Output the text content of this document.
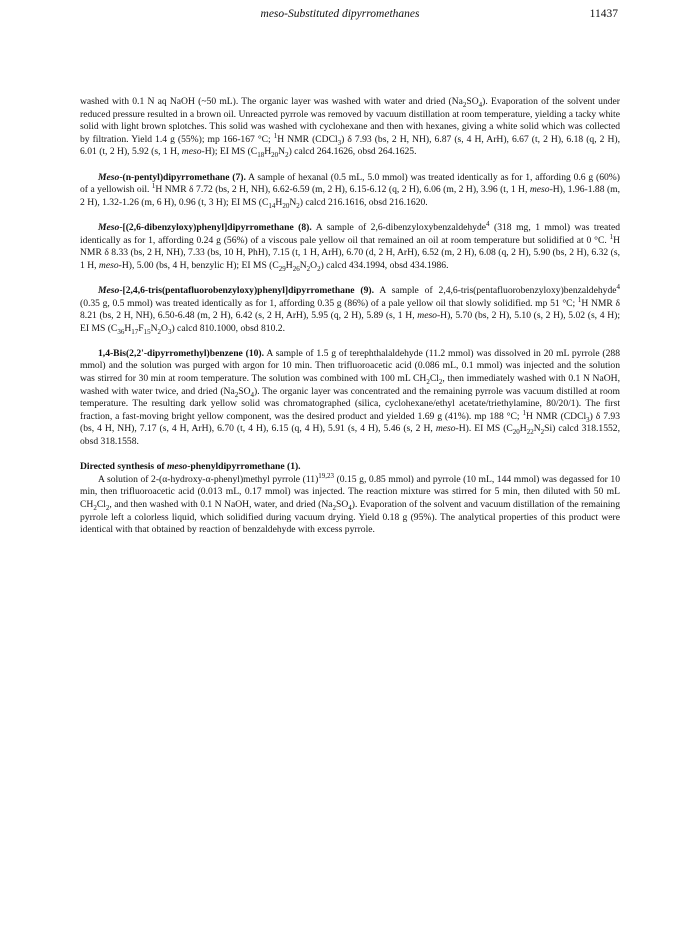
meso-Substituted dipyrromethanes	11437

washed with 0.1 N aq NaOH (~50 mL). The organic layer was washed with water and dried $(Na_2SO_4)$. Evaporation of the solvent under reduced pressure resulted in a brown oil. Unreacted pyrrole was removed by vacuum distillation at room temperature, yielding a tacky white solid with light brown splotches. This solid was washed with cyclohexane and then with hexanes, giving a white solid which was collected by filtration. Yield 1.4 g (55%); mp 166-167 °C; $^1$H NMR (CDCl$_3$) δ 7.93 (bs, 2 H, NH), 6.87 (s, 4 H, ArH), 6.67 (t, 2 H), 6.18 (q, 2 H), 6.01 (t, 2 H), 5.92 (s, 1 H, meso-H); EI MS $(C_{18}H_{20}N_2)$ calcd 264.1626, obsd 264.1625.

Meso-(n-pentyl)dipyrromethane (7). A sample of hexanal (0.5 mL, 5.0 mmol) was treated identically as for 1, affording 0.6 g (60%) of a yellowish oil. $^1$H NMR δ 7.72 (bs, 2 H, NH), 6.62-6.59 (m, 2 H), 6.15-6.12 (q, 2 H), 6.06 (m, 2 H), 3.96 (t, 1 H, meso-H), 1.96-1.88 (m, 2 H), 1.32-1.26 (m, 6 H), 0.96 (t, 3 H); EI MS $(C_{14}H_{20}N_2)$ calcd 216.1616, obsd 216.1620.

Meso-[(2,6-dibenzyloxy)phenyl]dipyrromethane (8). A sample of 2,6-dibenzyloxybenzaldehyde$^4$ (318 mg, 1 mmol) was treated identically as for 1, affording 0.24 g (56%) of a viscous pale yellow oil that remained an oil at room temperature but solidified at 0 °C. $^1$H NMR δ 8.33 (bs, 2 H, NH), 7.33 (bs, 10 H, PhH), 7.15 (t, 1 H, ArH), 6.70 (d, 2 H, ArH), 6.52 (m, 2 H), 6.08 (q, 2 H), 5.90 (bs, 2 H), 6.32 (s, 1 H, meso-H), 5.00 (bs, 4 H, benzylic H); EI MS $(C_{29}H_{26}N_2O_2)$ calcd 434.1994, obsd 434.1986.

Meso-[2,4,6-tris(pentafluorobenzyloxy)phenyl]dipyrromethane (9). A sample of 2,4,6-tris(pentafluorobenzyloxy)benzaldehyde$^4$ (0.35 g, 0.5 mmol) was treated identically as for 1, affording 0.35 g (86%) of a pale yellow oil that slowly solidified. mp 51 °C; $^1$H NMR δ 8.21 (bs, 2 H, NH), 6.50-6.48 (m, 2 H), 6.42 (s, 2 H, ArH), 5.95 (q, 2 H), 5.89 (s, 1 H, meso-H), 5.70 (bs, 2 H), 5.10 (s, 2 H), 5.02 (s, 4 H); EI MS $(C_{36}H_{17}F_{15}N_2O_3)$ calcd 810.1000, obsd 810.2.

1,4-Bis(2,2'-dipyrromethyl)benzene (10). A sample of 1.5 g of terephthalaldehyde (11.2 mmol) was dissolved in 20 mL pyrrole (288 mmol) and the solution was purged with argon for 10 min. Then trifluoroacetic acid (0.086 mL, 0.1 mmol) was injected and the solution was stirred for 30 min at room temperature. The solution was combined with 100 mL $CH_2Cl_2$, then immediately washed with 0.1 N NaOH, washed with water twice, and dried $(Na_2SO_4)$. The organic layer was concentrated and the remaining pyrrole was vacuum distilled at room temperature. The resulting dark yellow solid was chromatographed (silica, cyclohexane/ethyl acetate/triethylamine, 80/20/1). The first fraction, a fast-moving bright yellow component, was the desired product and yielded 1.69 g (41%). mp 188 °C; $^1$H NMR (CDCl$_3$) δ 7.93 (bs, 4 H, NH), 7.17 (s, 4 H, ArH), 6.70 (t, 4 H), 6.15 (q, 4 H), 5.91 (s, 4 H), 5.46 (s, 2 H, meso-H). EI MS $(C_{20}H_{22}N_2Si)$ calcd 318.1552, obsd 318.1558.

Directed synthesis of meso-phenyldipyrromethane (1).

A solution of 2-(α-hydroxy-α-phenyl)methyl pyrrole $(11)^{19,23}$ (0.15 g, 0.85 mmol) and pyrrole (10 mL, 144 mmol) was degassed for 10 min, then trifluoroacetic acid (0.013 mL, 0.17 mmol) was injected. The reaction mixture was stirred for 5 min, then diluted with 50 mL $CH_2Cl_2$, and then washed with 0.1 N NaOH, water, and dried $(Na_2SO_4)$. Evaporation of the solvent and vacuum distillation of the remaining pyrrole left a colorless liquid, which solidified during vacuum drying. Yield 0.18 g (95%). The analytical properties of this product were identical with that obtained by reaction of benzaldehyde with excess pyrrole.
